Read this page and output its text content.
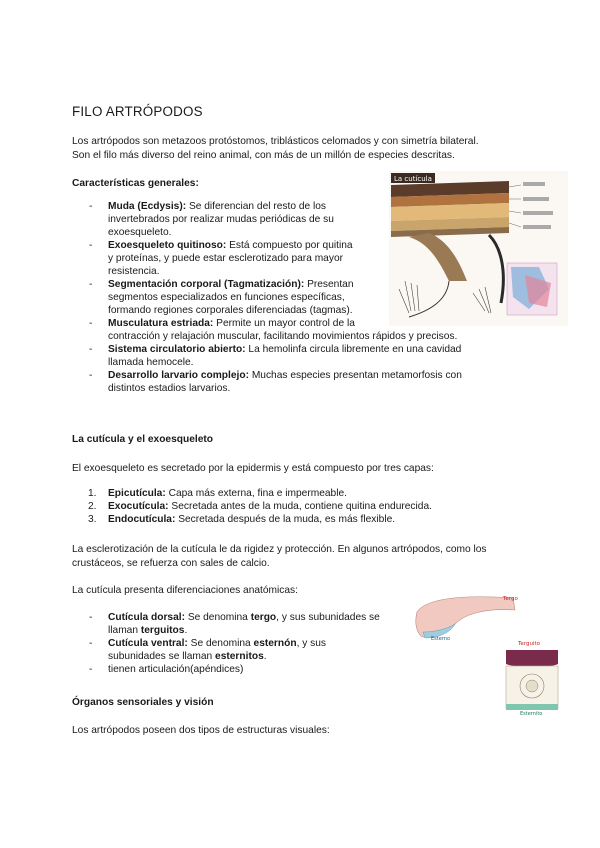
FILO ARTRÓPODOS

Los artrópodos son metazoos protóstomos, triblásticos celomados y con simetría bilateral.

Son el filo más diverso del reino animal, con más de un millón de especies descritas.

Características generales:

- Muda (Ecdysis): Se diferencian del resto de los
invertebrados por realizar mudas periódicas de su
exoesqueleto.
- Exoesqueleto quitinoso: Está compuesto por quitina
y proteínas, y puede estar esclerotizado para mayor
resistencia.
- Segmentación corporal (Tagmatización): Presentan
segmentos especializados en funciones específicas,
formando regiones corporales diferenciadas (tagmas).
- Musculatura estriada: Permite un mayor control de la
contracción y relajación muscular, facilitando movimientos rápidos y precisos.
- Sistema circulatorio abierto: La hemolinfa circula libremente en una cavidad
llamada hemocele.
- Desarrollo larvario complejo: Muchas especies presentan metamorfosis con
distintos estadios larvarios.
La cutícula

La cutícula y el exoesqueleto

El exoesqueleto es secretado por la epidermis y está compuesto por tres capas:

1. Epicutícula: Capa más externa, fina e impermeable.
2. Exocutícula: Secretada antes de la muda, contiene quitina endurecida.
3. Endocutícula: Secretada después de la muda, es más flexible.

La esclerotización de la cutícula le da rigidez y protección. En algunos artrópodos, como los

crustáceos, se refuerza con sales de calcio.

La cutícula presenta diferenciaciones anatómicas:

- Cutícula dorsal: Se denomina tergo, y sus subunidades se
llaman terguitos.
- Cutícula ventral: Se denomina esternón, y sus
subunidades se llaman esternitos.
- tienen articulación(apéndices)
Tergo
Esterno
Terguito
Esternito

Órganos sensoriales y visión

Los artrópodos poseen dos tipos de estructuras visuales:
